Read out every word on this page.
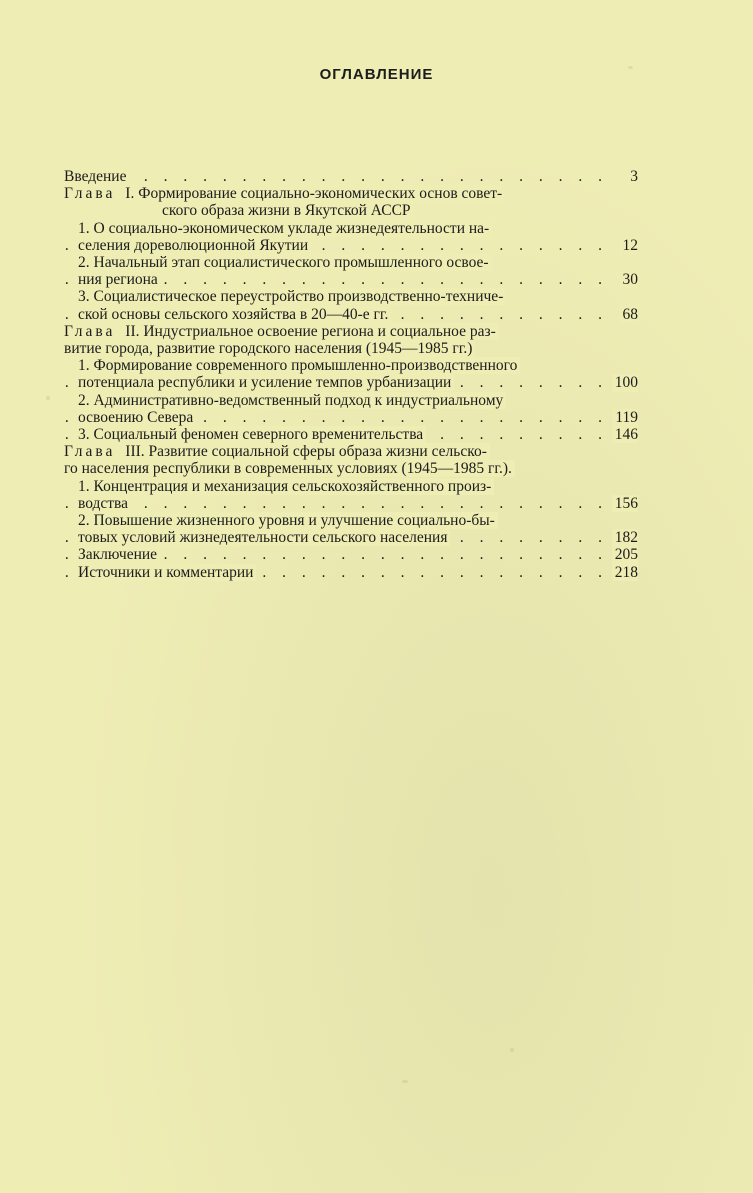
ОГЛАВЛЕНИЕ
. . . Введение	3
Глава I. Формирование социально-экономических основ совет-
ского образа жизни в Якутской АССР
1. О социально-экономическом укладе жизнедеятельности на-
. . . селения дореволюционной Якутии	12
2. Начальный этап социалистического промышленного освое-
. . . ния региона	30
3. Социалистическое переустройство производственно-техниче-
. . . ской основы сельского хозяйства в 20—40-е гг.	68
Глава II. Индустриальное освоение региона и социальное раз-
витие города, развитие городского населения (1945—1985 гг.)
1. Формирование современного промышленно-производственного
. . . потенциала республики и усиление темпов урбанизации	100
2. Административно-ведомственный подход к индустриальному
. . . освоению Севера	119
. . . 3. Социальный феномен северного временительства	146
Глава III. Развитие социальной сферы образа жизни сельско-
го населения республики в современных условиях (1945—1985 гг.).
1. Концентрация и механизация сельскохозяйственного произ-
. . . водства	156
2. Повышение жизненного уровня и улучшение социально-бы-
. . . товых условий жизнедеятельности сельского населения	182
. . . Заключение	205
. . . Источники и комментарии	218
